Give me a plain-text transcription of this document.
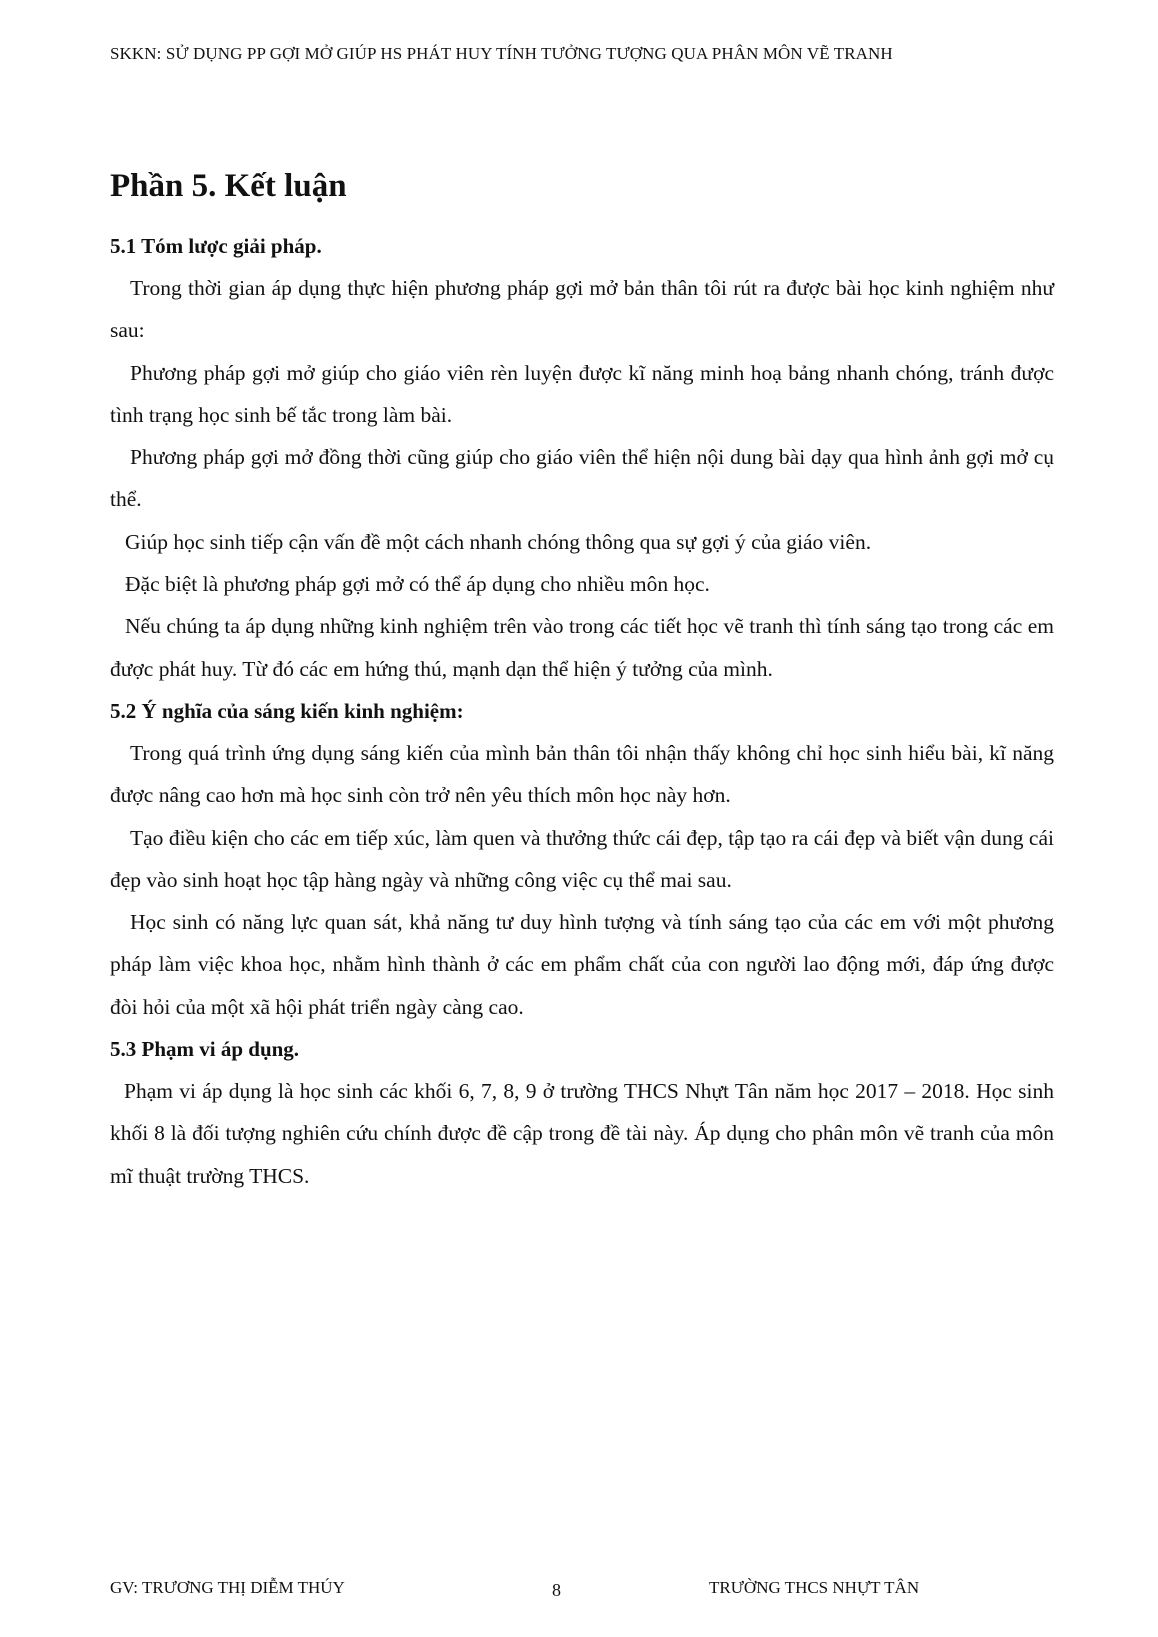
SKKN: SỬ DỤNG PP GỢI MỞ GIÚP HS PHÁT HUY TÍNH TƯỞNG TƯỢNG QUA PHÂN MÔN VẼ TRANH
Phần 5. Kết luận
5.1 Tóm lược giải pháp.

Trong thời gian áp dụng thực hiện phương pháp gợi mở bản thân tôi rút ra được bài học kinh nghiệm như sau:

Phương pháp gợi mở giúp cho giáo viên rèn luyện được kĩ năng minh hoạ bảng nhanh chóng, tránh được tình trạng học sinh bế tắc trong làm bài.

Phương pháp gợi mở đồng thời cũng giúp cho giáo viên thể hiện nội dung bài dạy qua hình ảnh gợi mở cụ thể.

Giúp học sinh tiếp cận vấn đề một cách nhanh chóng thông qua sự gợi ý của giáo viên.

Đặc biệt là phương pháp gợi mở có thể áp dụng cho nhiều môn học.

Nếu chúng ta áp dụng những kinh nghiệm trên vào trong các tiết học vẽ tranh thì tính sáng tạo trong các em được phát huy. Từ đó các em hứng thú, mạnh dạn thể hiện ý tưởng của mình.

5.2 Ý nghĩa của sáng kiến kinh nghiệm:

Trong quá trình ứng dụng sáng kiến của mình bản thân tôi nhận thấy không chỉ học sinh hiểu bài, kĩ năng được nâng cao hơn mà học sinh còn trở nên yêu thích môn học này hơn.

Tạo điều kiện cho các em tiếp xúc, làm quen và thưởng thức cái đẹp, tập tạo ra cái đẹp và biết vận dung cái đẹp vào sinh hoạt học tập hàng ngày và những công việc cụ thể mai sau.

Học sinh có năng lực quan sát, khả năng tư duy hình tượng và tính sáng tạo của các em với một phương pháp làm việc khoa học, nhằm hình thành ở các em phẩm chất của con người lao động mới, đáp ứng được đòi hỏi của một xã hội phát triển ngày càng cao.

5.3 Phạm vi áp dụng.

Phạm vi áp dụng là học sinh các khối 6, 7, 8, 9 ở trường THCS Nhựt Tân năm học 2017 – 2018. Học sinh khối 8 là đối tượng nghiên cứu chính được đề cập trong đề tài này. Áp dụng cho phân môn vẽ tranh của môn mĩ thuật trường THCS.

GV: TRƯƠNG THỊ DIỄM THÚY	8	TRƯỜNG THCS NHỰT TÂN
